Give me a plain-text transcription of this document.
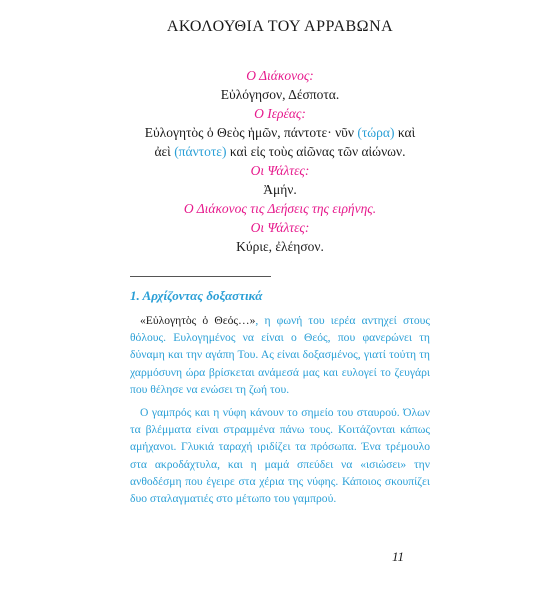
ΑΚΟΛΟΥΘΙΑ ΤΟΥ ΑΡΡΑΒΩΝΑ
Ο Διάκονος:
Εὐλόγησον, Δέσποτα.
Ο Ιερέας:
Εὐλογητὸς ὁ Θεὸς ἡμῶν, πάντοτε· νῦν (τώρα) καὶ
ἀεὶ (πάντοτε) καὶ εἰς τοὺς αἰῶνας τῶν αἰώνων.
Οι Ψάλτες:
Ἀμήν.
Ο Διάκονος τις Δεήσεις της ειρήνης.
Οι Ψάλτες:
Κύριε, ἐλέησον.
1. Αρχίζοντας δοξαστικά

«Εὐλογητὸς ὁ Θεός…», η φωνή του ιερέα αντηχεί στους θόλους. Ευλογημένος να είναι ο Θεός, που φανερώνει τη δύναμη και την αγάπη Του. Ας είναι δοξασμένος, γιατί τούτη τη χαρμόσυνη ώρα βρίσκεται ανάμεσά μας και ευλογεί το ζευγάρι που θέλησε να ενώσει τη ζωή του.

Ο γαμπρός και η νύφη κάνουν το σημείο του σταυρού. Όλων τα βλέμματα είναι στραμμένα πάνω τους. Κοιτάζονται κάπως αμήχανοι. Γλυκιά ταραχή ιριδίζει τα πρόσωπα. Ένα τρέμουλο στα ακροδάχτυλα, και η μαμά σπεύδει να «ισιώσει» την ανθοδέσμη που έγειρε στα χέρια της νύφης. Κάποιος σκουπίζει δυο σταλαγματιές στο μέτωπο του γαμπρού.

11
